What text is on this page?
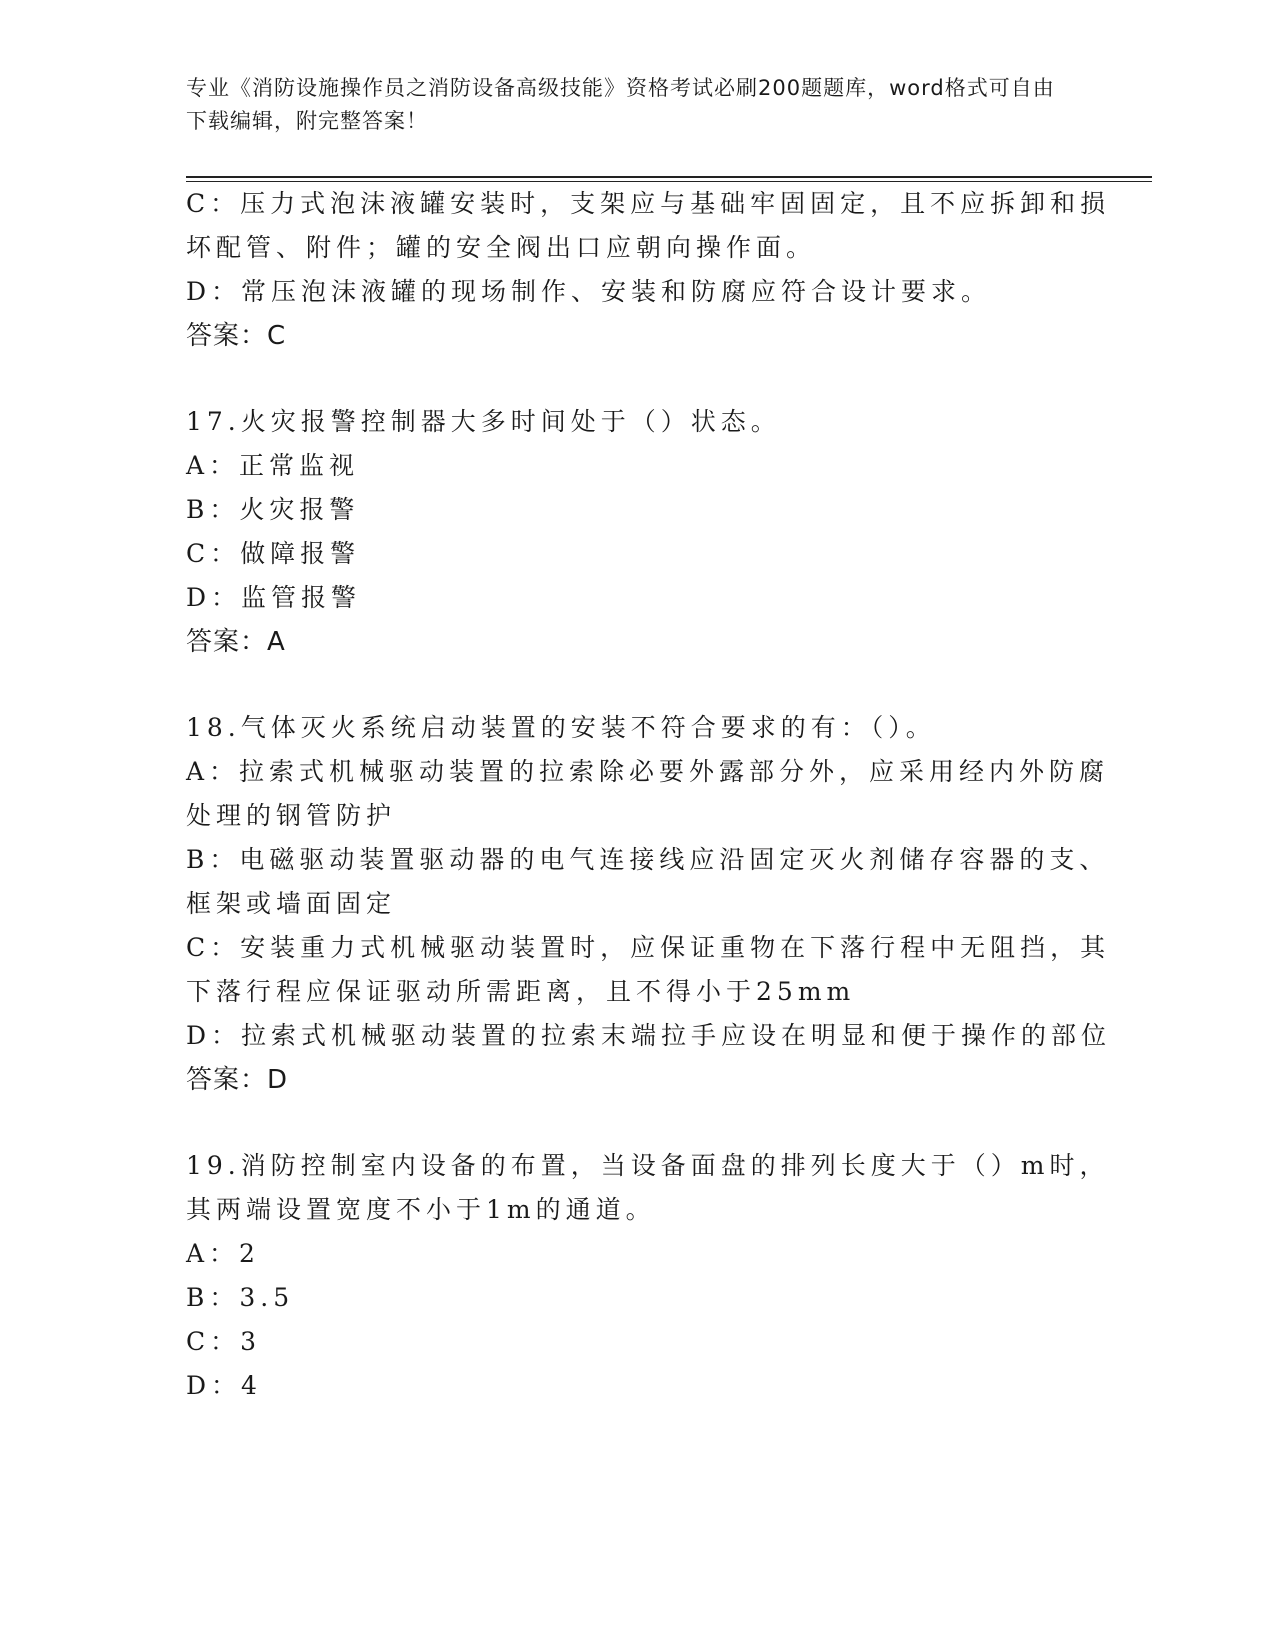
专业《消防设施操作员之消防设备高级技能》资格考试必刷200题题库，word格式可自由下载编辑，附完整答案！
C：压力式泡沫液罐安装时，支架应与基础牢固固定，且不应拆卸和损
坏配管、附件；罐的安全阀出口应朝向操作面。
D：常压泡沫液罐的现场制作、安装和防腐应符合设计要求。
答案：C
17.火灾报警控制器大多时间处于（）状态。
A：正常监视
B：火灾报警
C：做障报警
D：监管报警
答案：A
18.气体灭火系统启动装置的安装不符合要求的有：（）。
A：拉索式机械驱动装置的拉索除必要外露部分外，应采用经内外防腐
处理的钢管防护
B：电磁驱动装置驱动器的电气连接线应沿固定灭火剂储存容器的支、
框架或墙面固定
C：安装重力式机械驱动装置时，应保证重物在下落行程中无阻挡，其
下落行程应保证驱动所需距离，且不得小于25mm
D：拉索式机械驱动装置的拉索末端拉手应设在明显和便于操作的部位
答案：D
19.消防控制室内设备的布置，当设备面盘的排列长度大于（）m时，
其两端设置宽度不小于1m的通道。
A：2
B：3.5
C：3
D：4
